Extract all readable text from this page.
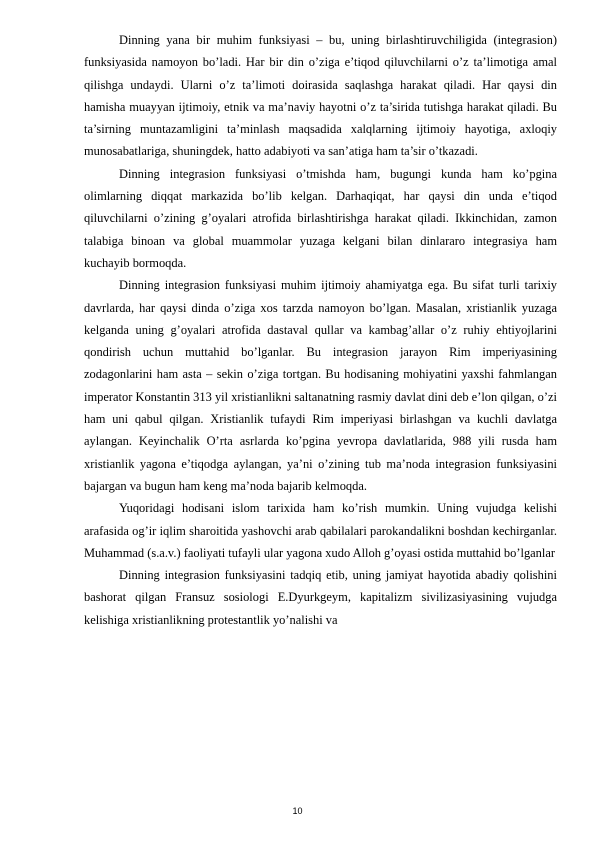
Dinning yana bir muhim funksiyasi – bu, uning birlashtiruvchiligida (integrasion) funksiyasida namoyon bo’ladi. Har bir din o’ziga e’tiqod qiluvchilarni o’z ta’limotiga amal qilishga undaydi. Ularni o’z ta’limoti doirasida saqlashga harakat qiladi. Har qaysi din hamisha muayyan ijtimoiy, etnik va ma’naviy hayotni o’z ta’sirida tutishga harakat qiladi. Bu ta’sirning muntazamligini ta’minlash maqsadida xalqlarning ijtimoiy hayotiga, axloqiy munosabatlariga, shuningdek, hatto adabiyoti va san’atiga ham ta’sir o’tkazadi.

Dinning integrasion funksiyasi o’tmishda ham, bugungi kunda ham ko’pgina olimlarning diqqat markazida bo’lib kelgan. Darhaqiqat, har qaysi din unda e’tiqod qiluvchilarni o’zining g’oyalari atrofida birlashtirishga harakat qiladi. Ikkinchidan, zamon talabiga binoan va global muammolar yuzaga kelgani bilan dinlararo integrasiya ham kuchayib bormoqda.

Dinning integrasion funksiyasi muhim ijtimoiy ahamiyatga ega. Bu sifat turli tarixiy davrlarda, har qaysi dinda o’ziga xos tarzda namoyon bo’lgan. Masalan, xristianlik yuzaga kelganda uning g’oyalari atrofida dastaval qullar va kambag’allar o’z ruhiy ehtiyojlarini qondirish uchun muttahid bo’lganlar. Bu integrasion jarayon Rim imperiyasining zodagonlarini ham asta – sekin o’ziga tortgan. Bu hodisaning mohiyatini yaxshi fahmlangan imperator Konstantin 313 yil xristianlikni saltanatning rasmiy davlat dini deb e’lon qilgan, o’zi ham uni qabul qilgan. Xristianlik tufaydi Rim imperiyasi birlashgan va kuchli davlatga aylangan. Keyinchalik O’rta asrlarda ko’pgina yevropa davlatlarida, 988 yili rusda ham xristianlik yagona e’tiqodga aylangan, ya’ni o’zining tub ma’noda integrasion funksiyasini bajargan va bugun ham keng ma’noda bajarib kelmoqda.

Yuqoridagi hodisani islom tarixida ham ko’rish mumkin. Uning vujudga kelishi arafasida og’ir iqlim sharoitida yashovchi arab qabilalari parokandalikni boshdan kechirganlar. Muhammad (s.a.v.) faoliyati tufayli ular yagona xudo Alloh g’oyasi ostida muttahid bo’lganlar

Dinning integrasion funksiyasini tadqiq etib, uning jamiyat hayotida abadiy qolishini bashorat qilgan Fransuz sosiologi E.Dyurkgeym, kapitalizm sivilizasiyasining vujudga kelishiga xristianlikning protestantlik yo’nalishi va

10
